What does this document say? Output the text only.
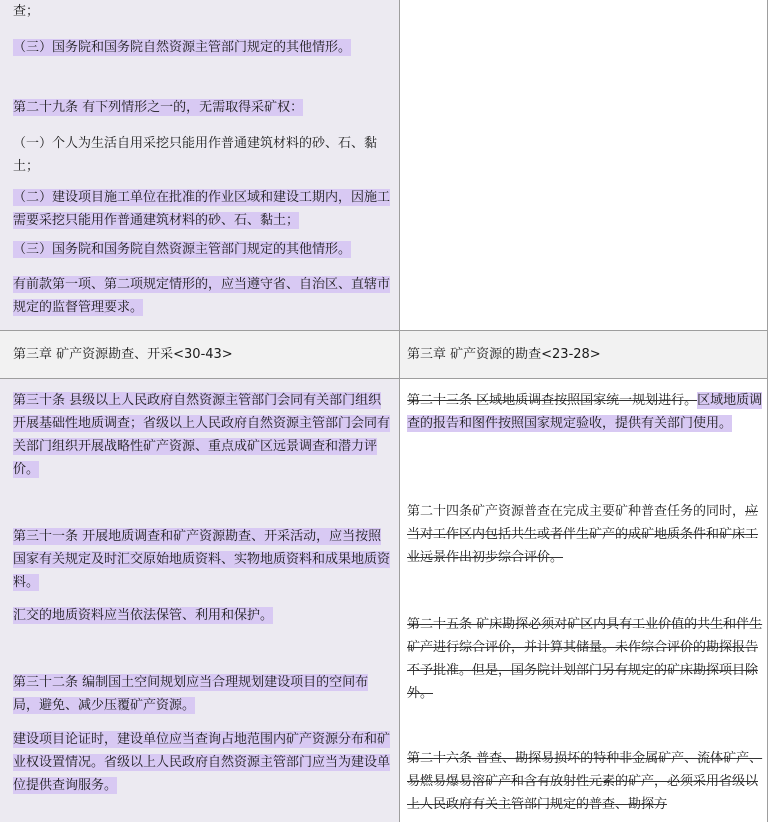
查；
（三）国务院和国务院自然资源主管部门规定的其他情形。
第二十九条 有下列情形之一的，无需取得采矿权：
（一）个人为生活自用采挖只能用作普通建筑材料的砂、石、黏土；
（二）建设项目施工单位在批准的作业区域和建设工期内，因施工需要采挖只能用作普通建筑材料的砂、石、黏土；
（三）国务院和国务院自然资源主管部门规定的其他情形。
有前款第一项、第二项规定情形的，应当遵守省、自治区、直辖市规定的监督管理要求。
第三章 矿产资源勘查、开采<30-43>	第三章 矿产资源的勘查<23-28>
第三十条 县级以上人民政府自然资源主管部门会同有关部门组织开展基础性地质调查；省级以上人民政府自然资源主管部门会同有关部门组织开展战略性矿产资源、重点成矿区远景调查和潜力评价。
第三十一条 开展地质调查和矿产资源勘查、开采活动，应当按照国家有关规定及时汇交原始地质资料、实物地质资料和成果地质资料。
汇交的地质资料应当依法保管、利用和保护。
第三十二条 编制国土空间规划应当合理规划建设项目的空间布局，避免、减少压覆矿产资源。
建设项目论证时，建设单位应当查询占地范围内矿产资源分布和矿业权设置情况。省级以上人民政府自然资源主管部门应当为建设单位提供查询服务。
第二十三条 区域地质调查按照国家统一规划进行。区域地质调查的报告和图件按照国家规定验收，提供有关部门使用。
第二十四条矿产资源普查在完成主要矿种普查任务的同时，应当对工作区内包括共生或者伴生矿产的成矿地质条件和矿床工业远景作出初步综合评价。
第二十五条 矿床勘探必须对矿区内具有工业价值的共生和伴生矿产进行综合评价，并计算其储量。未作综合评价的勘探报告不予批准。但是，国务院计划部门另有规定的矿床勘探项目除外。
第二十六条 普查、勘探易损坏的特种非金属矿产、流体矿产、易燃易爆易溶矿产和含有放射性元素的矿产，必须采用省级以上人民政府有关主管部门规定的普查、勘探方
